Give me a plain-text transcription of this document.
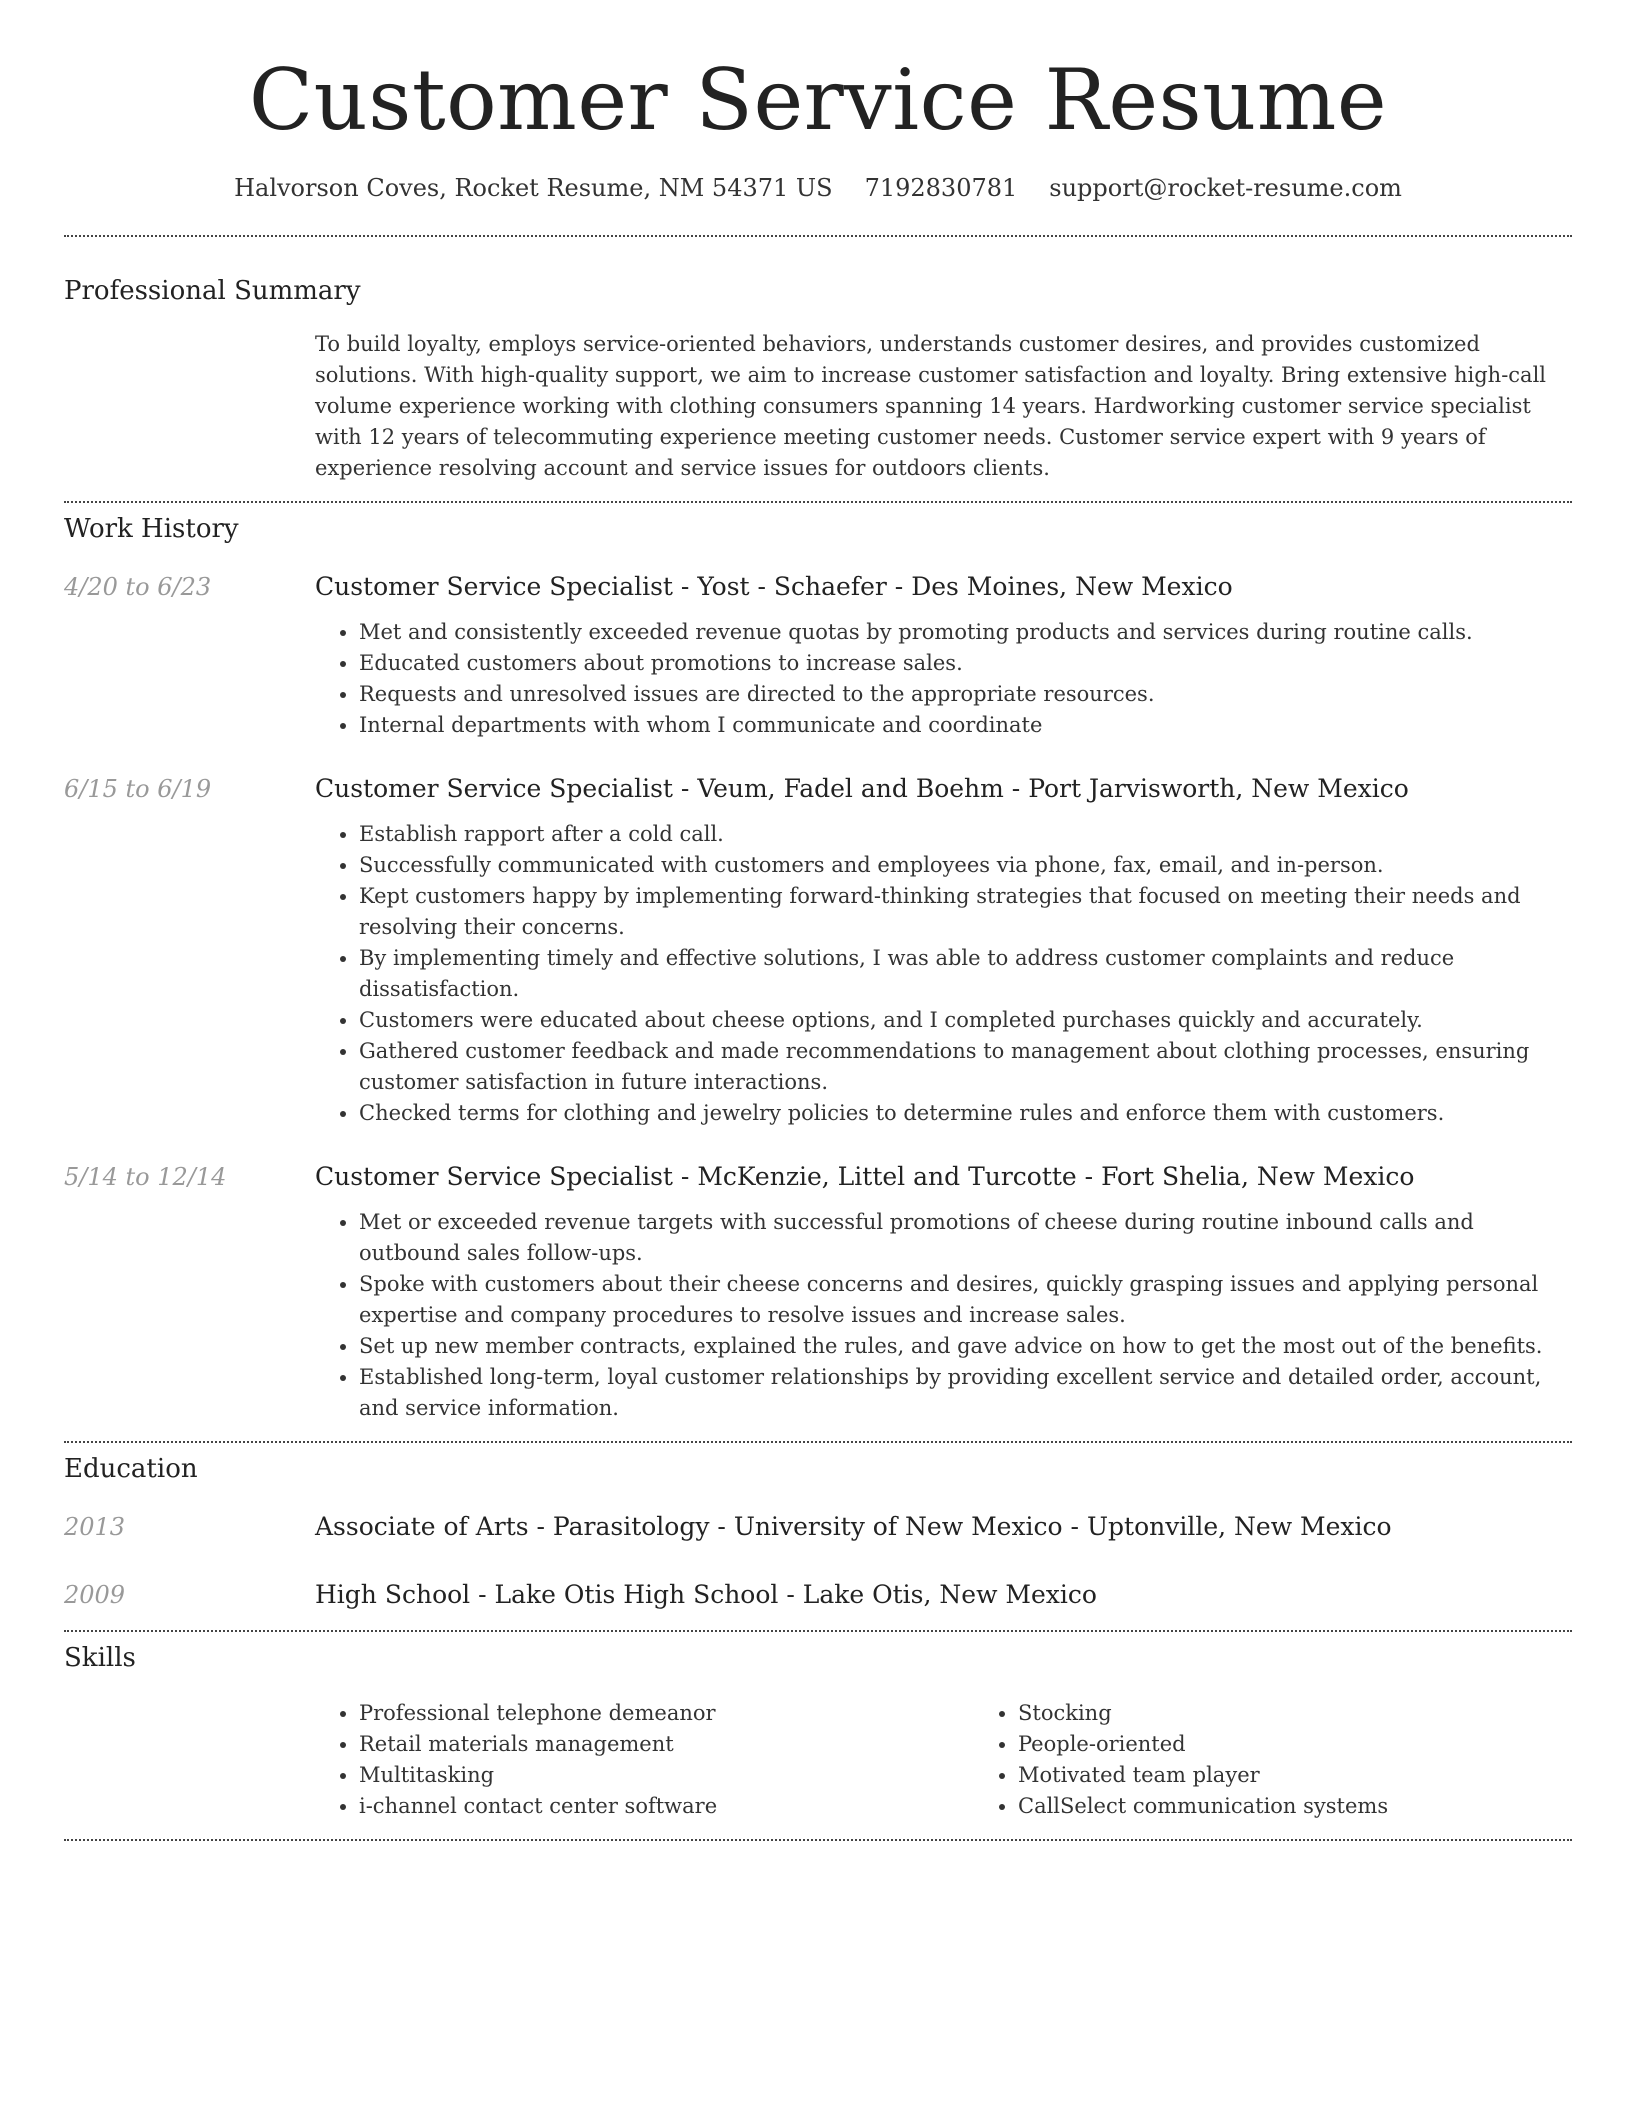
Customer Service Resume
Halvorson Coves, Rocket Resume, NM 54371 US 7192830781 support@rocket-resume.com
Professional Summary

To build loyalty, employs service-oriented behaviors, understands customer desires, and provides customized solutions. With high-quality support, we aim to increase customer satisfaction and loyalty. Bring extensive high-call volume experience working with clothing consumers spanning 14 years. Hardworking customer service specialist with 12 years of telecommuting experience meeting customer needs. Customer service expert with 9 years of experience resolving account and service issues for outdoors clients.

Work History
4/20 to 6/23	Customer Service Specialist - Yost - Schaefer - Des Moines, New Mexico
• Met and consistently exceeded revenue quotas by promoting products and services during routine calls.
• Educated customers about promotions to increase sales.
• Requests and unresolved issues are directed to the appropriate resources.
• Internal departments with whom I communicate and coordinate
6/15 to 6/19	Customer Service Specialist - Veum, Fadel and Boehm - Port Jarvisworth, New Mexico
• Establish rapport after a cold call.
• Successfully communicated with customers and employees via phone, fax, email, and in-person.
• Kept customers happy by implementing forward-thinking strategies that focused on meeting their needs and resolving their concerns.
• By implementing timely and effective solutions, I was able to address customer complaints and reduce dissatisfaction.
• Customers were educated about cheese options, and I completed purchases quickly and accurately.
• Gathered customer feedback and made recommendations to management about clothing processes, ensuring customer satisfaction in future interactions.
• Checked terms for clothing and jewelry policies to determine rules and enforce them with customers.
5/14 to 12/14	Customer Service Specialist - McKenzie, Littel and Turcotte - Fort Shelia, New Mexico
• Met or exceeded revenue targets with successful promotions of cheese during routine inbound calls and outbound sales follow-ups.
• Spoke with customers about their cheese concerns and desires, quickly grasping issues and applying personal expertise and company procedures to resolve issues and increase sales.
• Set up new member contracts, explained the rules, and gave advice on how to get the most out of the benefits.
• Established long-term, loyal customer relationships by providing excellent service and detailed order, account, and service information.
Education
2013	Associate of Arts - Parasitology - University of New Mexico - Uptonville, New Mexico
2009	High School - Lake Otis High School - Lake Otis, New Mexico
Skills
• Professional telephone demeanor
• Retail materials management
• Multitasking
• i-channel contact center software
• Stocking
• People-oriented
• Motivated team player
• CallSelect communication systems
